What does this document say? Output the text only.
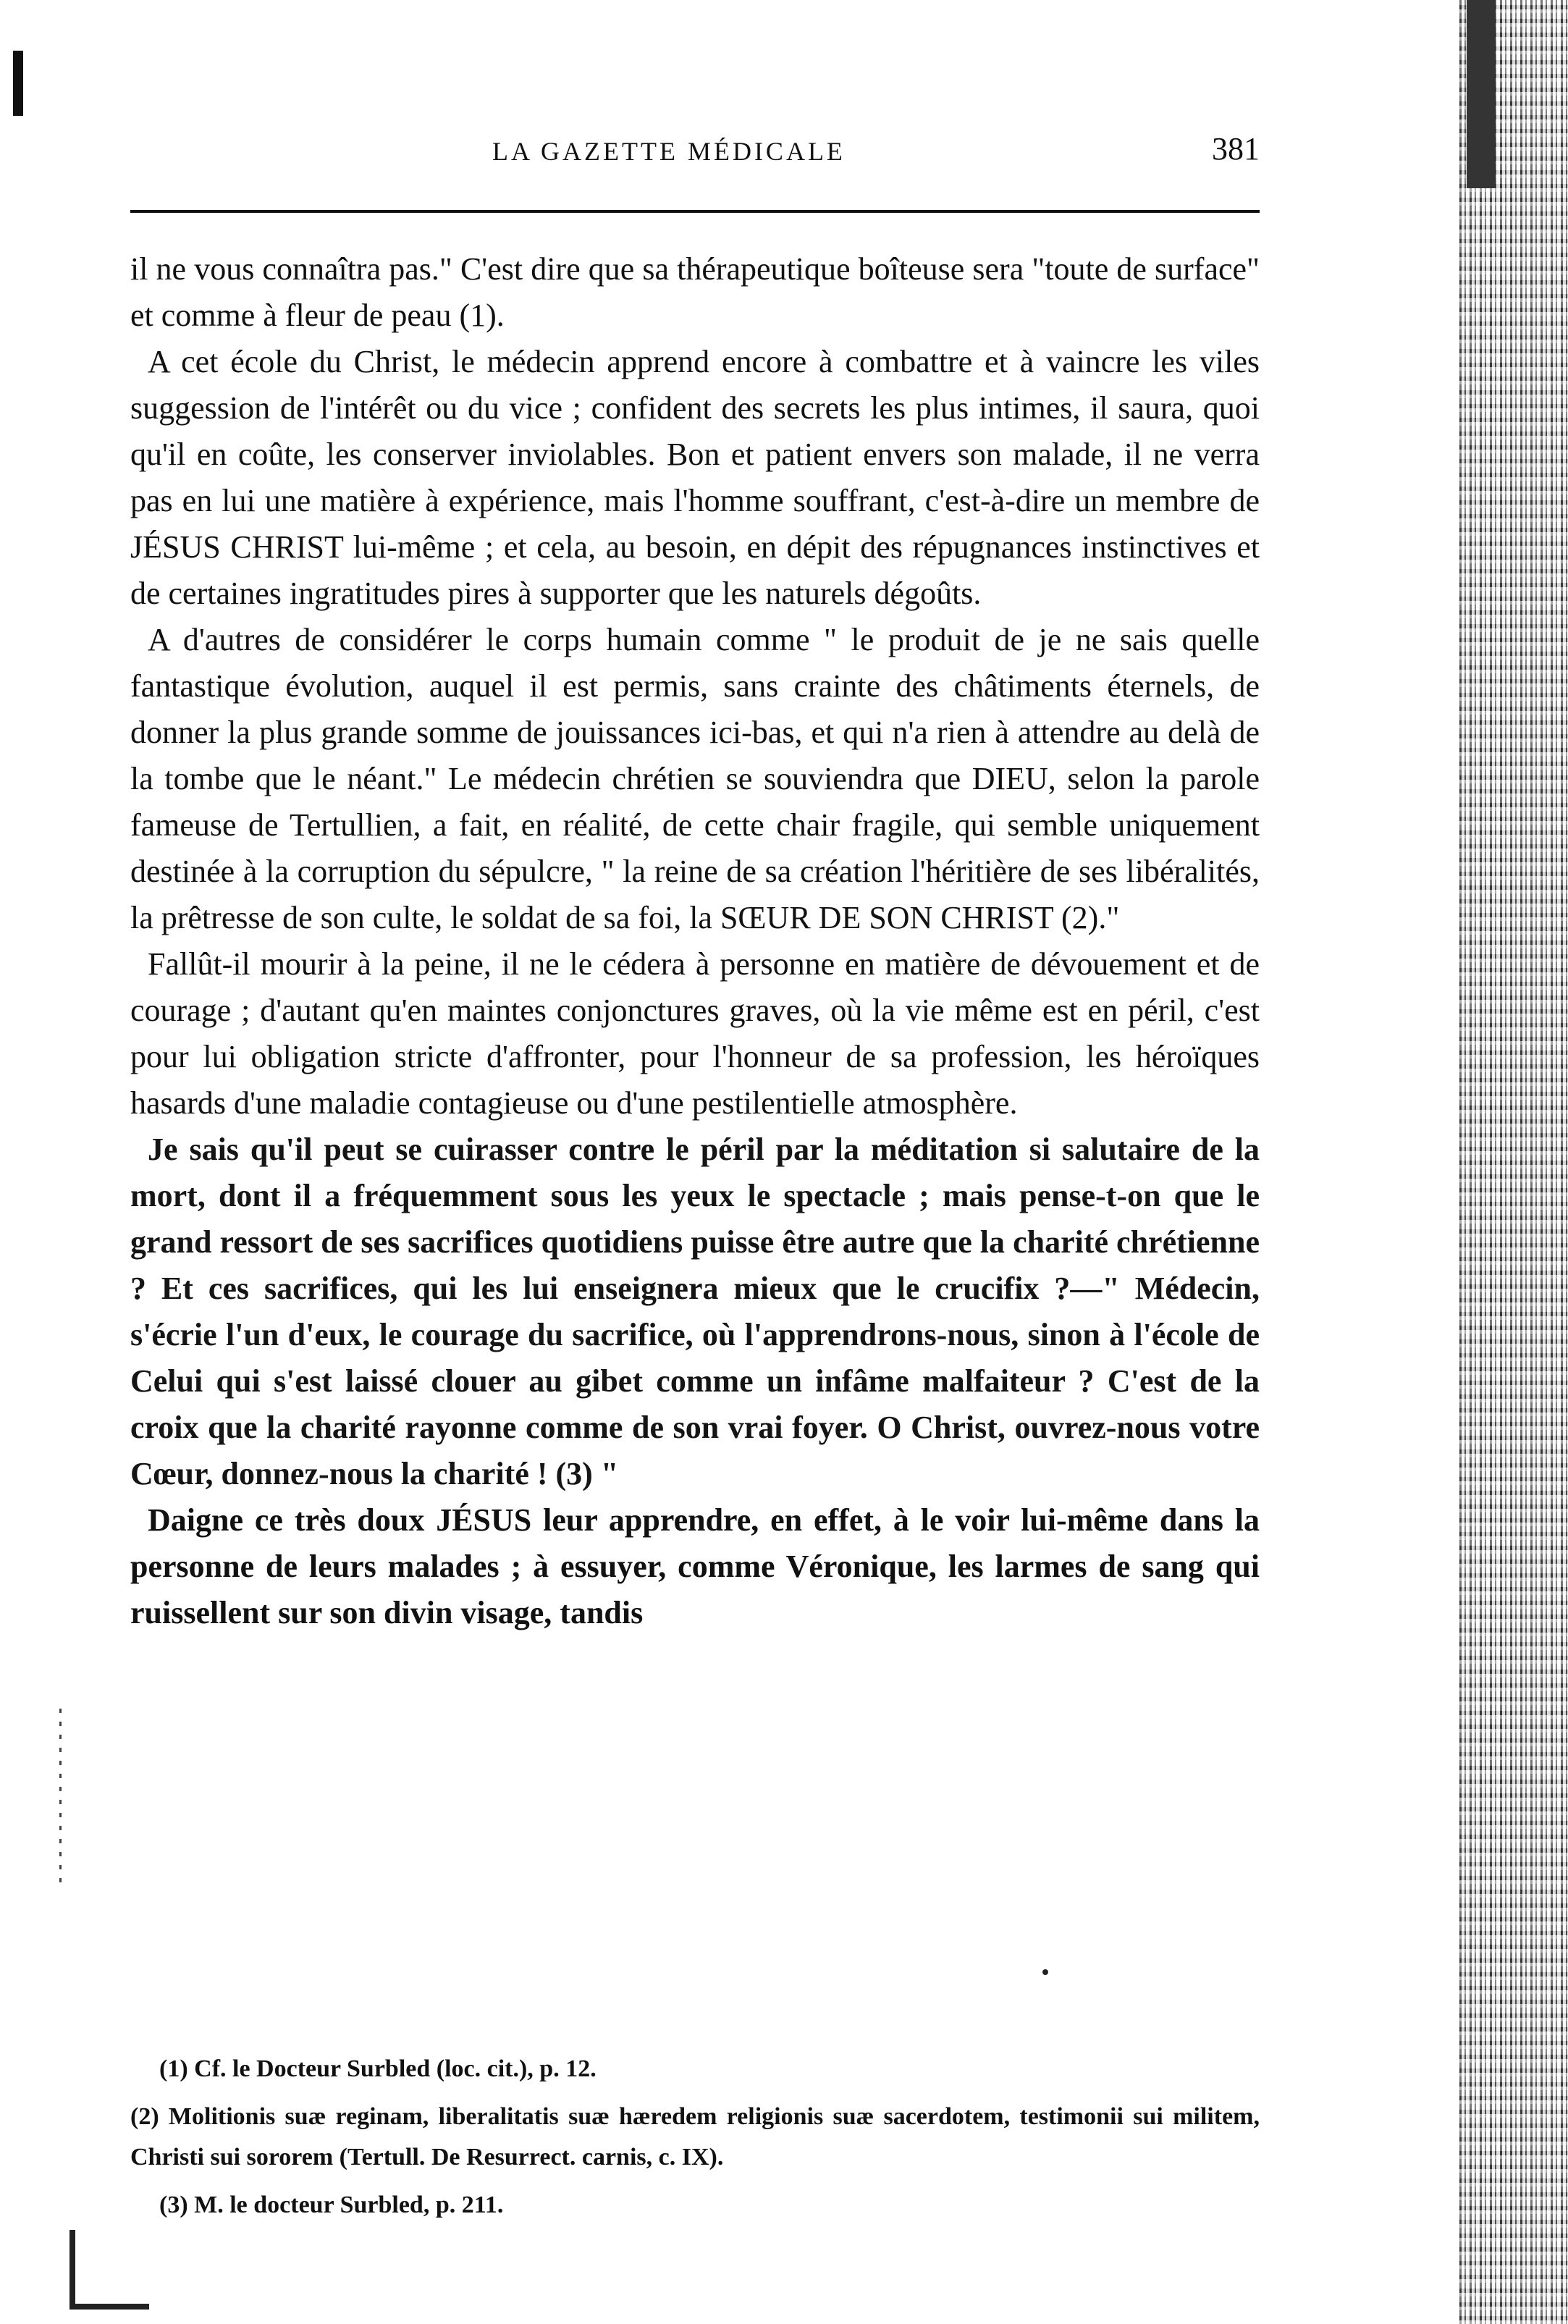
LA GAZETTE MÉDICALE	381

il ne vous connaîtra pas." C'est dire que sa thérapeutique boîteuse sera "toute de surface" et comme à fleur de peau (1).

A cet école du Christ, le médecin apprend encore à combattre et à vaincre les viles suggession de l'intérêt ou du vice ; confident des secrets les plus intimes, il saura, quoi qu'il en coûte, les conserver inviolables. Bon et patient envers son malade, il ne verra pas en lui une matière à expérience, mais l'homme souffrant, c'est-à-dire un membre de JÉSUS CHRIST lui-même ; et cela, au besoin, en dépit des répugnances instinctives et de certaines ingratitudes pires à supporter que les naturels dégoûts.

A d'autres de considérer le corps humain comme " le produit de je ne sais quelle fantastique évolution, auquel il est permis, sans crainte des châtiments éternels, de donner la plus grande somme de jouissances ici-bas, et qui n'a rien à attendre au delà de la tombe que le néant." Le médecin chrétien se souviendra que DIEU, selon la parole fameuse de Tertullien, a fait, en réalité, de cette chair fragile, qui semble uniquement destinée à la corruption du sépulcre, " la reine de sa création l'héritière de ses libéralités, la prêtresse de son culte, le soldat de sa foi, la SŒUR DE SON CHRIST (2)."

Fallût-il mourir à la peine, il ne le cédera à personne en matière de dévouement et de courage ; d'autant qu'en maintes conjonctures graves, où la vie même est en péril, c'est pour lui obligation stricte d'affronter, pour l'honneur de sa profession, les héroïques hasards d'une maladie contagieuse ou d'une pestilentielle atmosphère.

Je sais qu'il peut se cuirasser contre le péril par la méditation si salutaire de la mort, dont il a fréquemment sous les yeux le spectacle ; mais pense-t-on que le grand ressort de ses sacrifices quotidiens puisse être autre que la charité chrétienne ? Et ces sacrifices, qui les lui enseignera mieux que le crucifix ?—" Médecin, s'écrie l'un d'eux, le courage du sacrifice, où l'apprendrons-nous, sinon à l'école de Celui qui s'est laissé clouer au gibet comme un infâme malfaiteur ? C'est de la croix que la charité rayonne comme de son vrai foyer. O Christ, ouvrez-nous votre Cœur, donnez-nous la charité ! (3) "

Daigne ce très doux JÉSUS leur apprendre, en effet, à le voir lui-même dans la personne de leurs malades ; à essuyer, comme Véronique, les larmes de sang qui ruissellent sur son divin visage, tandis

(1) Cf. le Docteur Surbled (loc. cit.), p. 12.

(2) Molitionis suæ reginam, liberalitatis suæ hæredem religionis suæ sacerdotem, testimonii sui militem, Christi sui sororem (Tertull. De Resurrect. carnis, c. IX).

(3) M. le docteur Surbled, p. 211.
